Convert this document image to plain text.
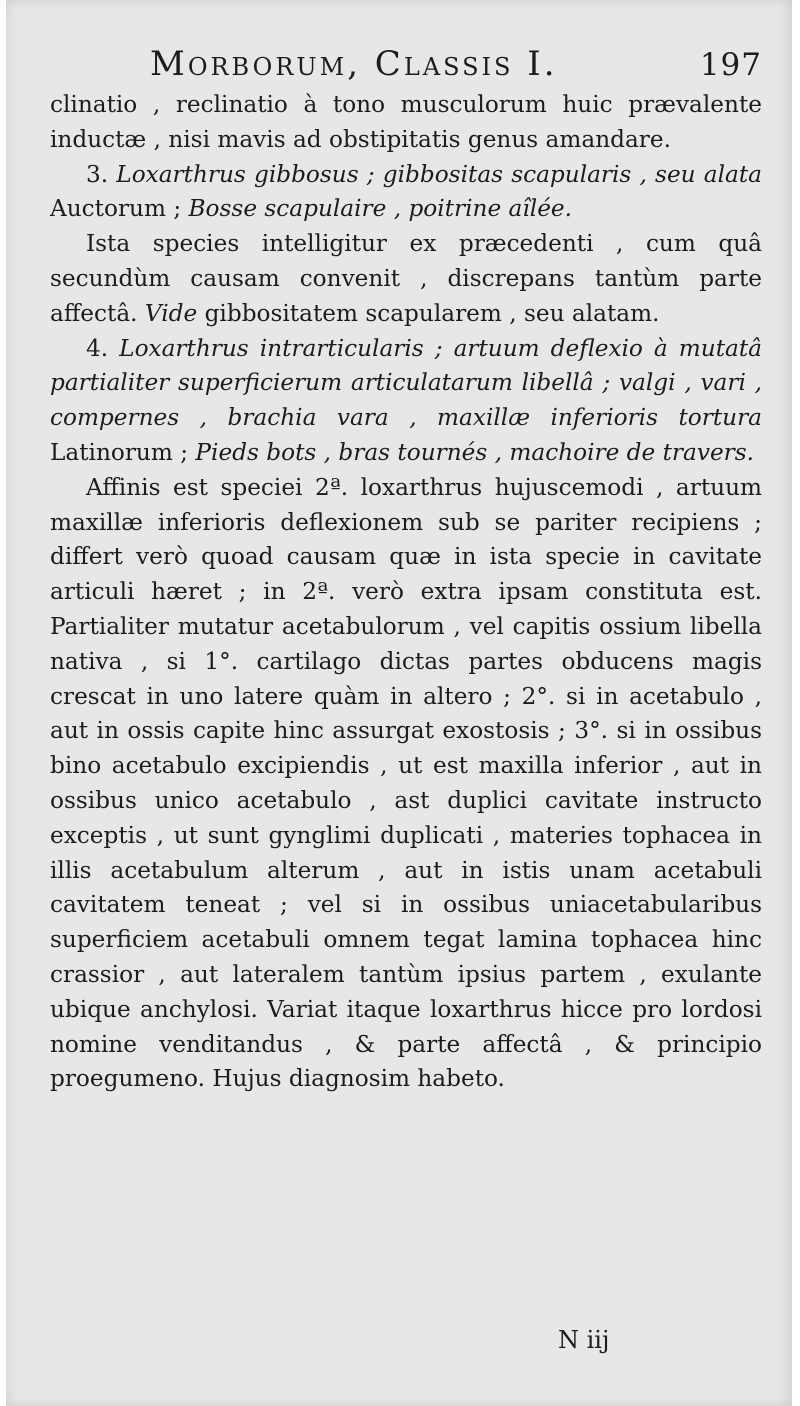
Morborum, Classis I.	197

clinatio , reclinatio à tono musculorum huic prævalente inductæ , nisi mavis ad obstipitatis genus amandare.

3. Loxarthrus gibbosus ; gibbositas scapularis , seu alata Auctorum ; Bosse scapulaire , poitrine aîlée.

Ista species intelligitur ex præcedenti , cum quâ secundùm causam convenit , discrepans tantùm parte affectâ. Vide gibbositatem scapularem , seu alatam.

4. Loxarthrus intrarticularis ; artuum deflexio à mutatâ partialiter superficierum articulatarum libellâ ; valgi , vari , compernes , brachia vara , maxillæ inferioris tortura Latinorum ; Pieds bots , bras tournés , machoire de travers.

Affinis est speciei 2ª. loxarthrus hujuscemodi , artuum maxillæ inferioris deflexionem sub se pariter recipiens ; differt verò quoad causam quæ in ista specie in cavitate articuli hæret ; in 2ª. verò extra ipsam constituta est. Partialiter mutatur acetabulorum , vel capitis ossium libella nativa , si 1°. cartilago dictas partes obducens magis crescat in uno latere quàm in altero ; 2°. si in acetabulo , aut in ossis capite hinc assurgat exostosis ; 3°. si in ossibus bino acetabulo excipiendis , ut est maxilla inferior , aut in ossibus unico acetabulo , ast duplici cavitate instructo exceptis , ut sunt gynglimi duplicati , materies tophacea in illis acetabulum alterum , aut in istis unam acetabuli cavitatem teneat ; vel si in ossibus uniacetabularibus superficiem acetabuli omnem tegat lamina tophacea hinc crassior , aut lateralem tantùm ipsius partem , exulante ubique anchylosi. Variat itaque loxarthrus hicce pro lordosi nomine venditandus , & parte affectâ , & principio proegumeno. Hujus diagnosim habeto.

N iij
